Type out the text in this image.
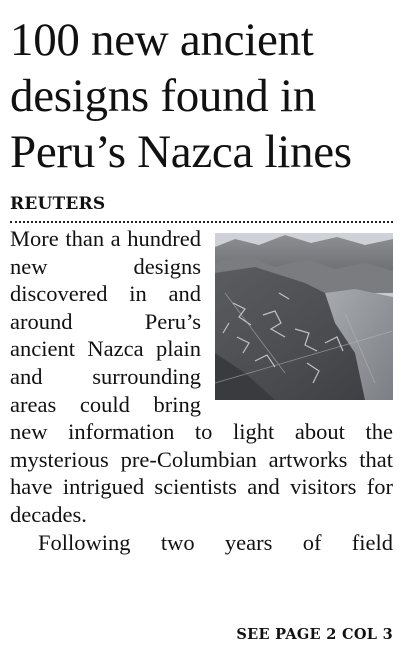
100 new ancient
designs found in
Peru’s Nazca lines
REUTERS

More than a hundred new designs discovered in and around Peru’s ancient Nazca plain and surrounding areas could bring new information to light about the mysterious pre-Columbian artworks that have intrigued scientists and visitors for decades.

Following two years of field

SEE PAGE 2 COL 3
